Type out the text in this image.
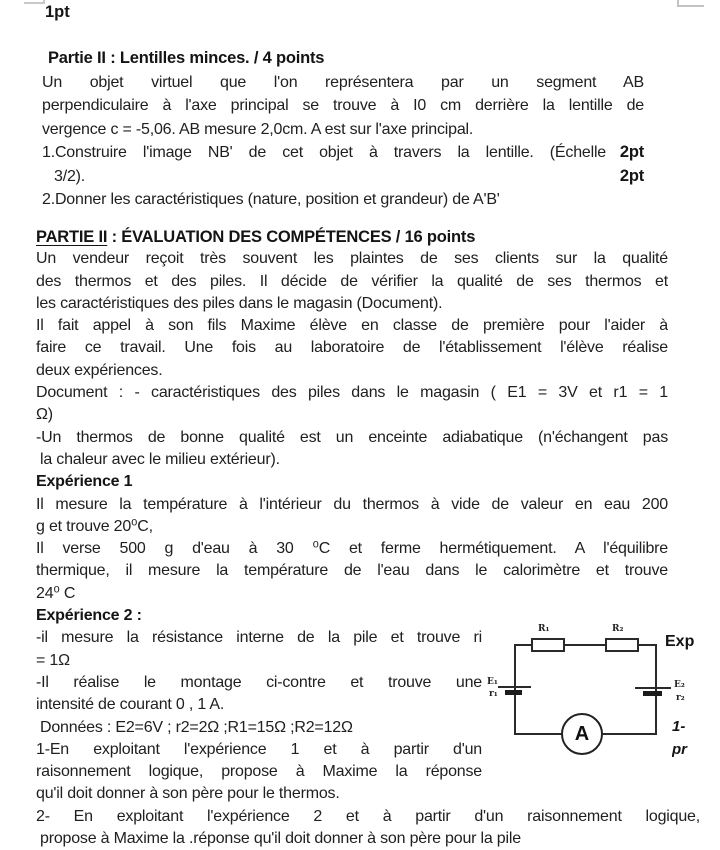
1pt
Partie II : Lentilles minces. / 4 points
Un objet virtuel que l'on représentera par un segment AB
perpendiculaire à l'axe principal se trouve à I0 cm derrière la lentille de
vergence c = -5,06. AB mesure 2,0cm. A est sur l'axe principal.
1.Construire l'image NB' de cet objet à travers la lentille. (Échelle 2pt
3/2).	2pt
2.Donner les caractéristiques (nature, position et grandeur) de A'B'
PARTIE II : ÉVALUATION DES COMPÉTENCES / 16 points
Un vendeur reçoit très souvent les plaintes de ses clients sur la qualité
des thermos et des piles. Il décide de vérifier la qualité de ses thermos et
les caractéristiques des piles dans le magasin (Document).
Il fait appel à son fils Maxime élève en classe de première pour l'aider à
faire ce travail. Une fois au laboratoire de l'établissement l'élève réalise
deux expériences.
Document : - caractéristiques des piles dans le magasin ( E1 = 3V et r1 = 1
Ω)
-Un thermos de bonne qualité est un enceinte adiabatique (n'échangent pas
la chaleur avec le milieu extérieur).
Expérience 1
Il mesure la température à l'intérieur du thermos à vide de valeur en eau 200
g et trouve 20⁰C,
Il verse 500 g d'eau à 30 ⁰C et ferme hermétiquement. A l'équilibre
thermique, il mesure la température de l'eau dans le calorimètre et trouve
24⁰ C
Expérience 2 :
-il mesure la résistance interne de la pile et trouve ri
= 1Ω
-Il réalise le montage ci-contre et trouve une
intensité de courant 0 , 1 A.
Données : E2=6V ; r2=2Ω ;R1=15Ω ;R2=12Ω
1-En exploitant l'expérience 1 et à partir d'un
raisonnement logique, propose à Maxime la réponse
qu'il doit donner à son père pour le thermos.
2- En exploitant l'expérience 2 et à partir d'un raisonnement logique,
propose à Maxime la .réponse qu'il doit donner à son père pour la pile
R₁	R₂
E₁
r₁
E₂
r₂
A
Exp
1-
pr
